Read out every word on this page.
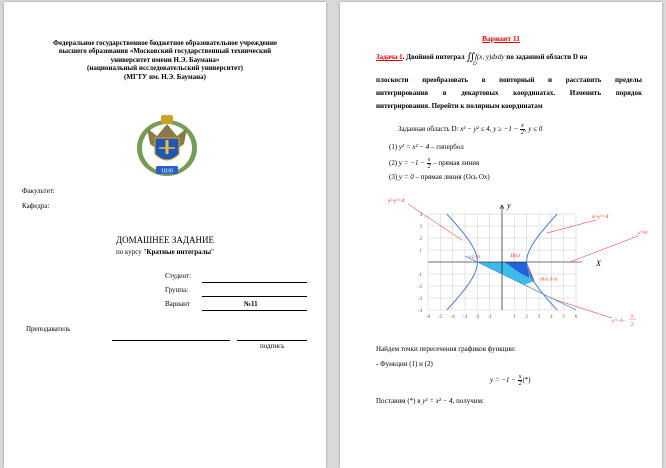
Федеральное государственное бюджетное образовательное учреждение
высшего образования «Московский государственный технический
университет имени Н.Э. Баумана»
(национальный исследовательский университет)
(МГТУ им. Н.Э. Баумана)
1830
Факультет:
Кафедра:
ДОМАШНЕЕ ЗАДАНИЕ
по курсу "Кратные интегралы"
Студент:
Группа:
Вариант	№11
Преподаватель
подпись
Вариант 11
Задача 1. Двойной интеграл ∬f(x, y)dxdy по заданной области D на
D
плоскости преобразовать в повторный и расставить пределы
интегрирования в декартовых координатах. Изменить порядок
интегрирования. Перейти к полярным координатам
Заданная область D: x² − y² ≤ 4, $y \ge -1 - \frac{x}{2}$ , y ≤ 0
(1) y² = x² − 4 – гипербол
(2) $y = -1 - \frac{x}{2}$ – прямая линия
(3) y = 0 – прямая линия (Ось Ox)
y
X
-6 -5 -4 -3 -2 -1	1 2 3 4 5 6
4
3
2
1
-1
-2
-3
-4
x²-y²=4
x²-y²=4
y=0
y=-1-
x
2
D(x)
(-2, 0)
(8/3,-5/3)
Найдем точки пересечения графиков функции:
- Функции (1) и (2)
$y = -1 - \frac{x}{2}$ (*)
Поставим (*) в y² = x² − 4, получим:
